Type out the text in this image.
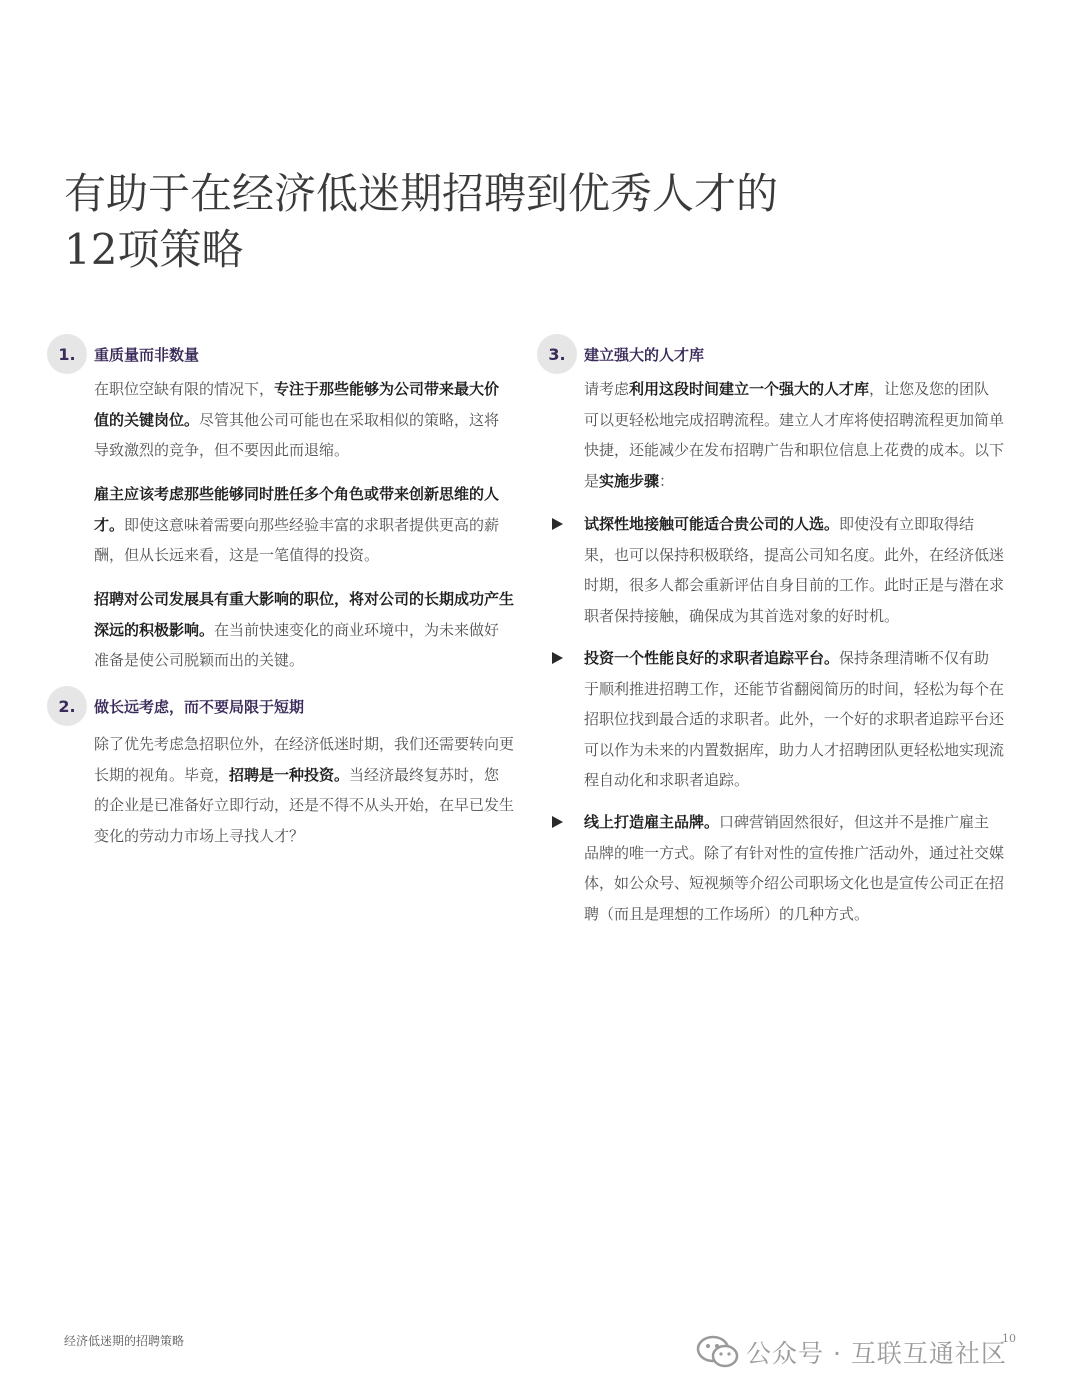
有助于在经济低迷期招聘到优秀人才的
12项策略
1.	重质量而非数量

在职位空缺有限的情况下，专注于那些能够为公司带来最大价值的关键岗位。尽管其他公司可能也在采取相似的策略，这将导致激烈的竞争，但不要因此而退缩。

雇主应该考虑那些能够同时胜任多个角色或带来创新思维的人才。即使这意味着需要向那些经验丰富的求职者提供更高的薪酬，但从长远来看，这是一笔值得的投资。

招聘对公司发展具有重大影响的职位，将对公司的长期成功产生深远的积极影响。在当前快速变化的商业环境中，为未来做好准备是使公司脱颖而出的关键。

2.	做长远考虑，而不要局限于短期

除了优先考虑急招职位外，在经济低迷时期，我们还需要转向更长期的视角。毕竟，招聘是一种投资。当经济最终复苏时，您的企业是已准备好立即行动，还是不得不从头开始，在早已发生变化的劳动力市场上寻找人才？

3.	建立强大的人才库

请考虑利用这段时间建立一个强大的人才库，让您及您的团队可以更轻松地完成招聘流程。建立人才库将使招聘流程更加简单快捷，还能减少在发布招聘广告和职位信息上花费的成本。以下是实施步骤：

试探性地接触可能适合贵公司的人选。即使没有立即取得结果，也可以保持积极联络，提高公司知名度。此外，在经济低迷时期，很多人都会重新评估自身目前的工作。此时正是与潜在求职者保持接触，确保成为其首选对象的好时机。

投资一个性能良好的求职者追踪平台。保持条理清晰不仅有助于顺利推进招聘工作，还能节省翻阅简历的时间，轻松为每个在招职位找到最合适的求职者。此外，一个好的求职者追踪平台还可以作为未来的内置数据库，助力人才招聘团队更轻松地实现流程自动化和求职者追踪。

线上打造雇主品牌。口碑营销固然很好，但这并不是推广雇主品牌的唯一方式。除了有针对性的宣传推广活动外，通过社交媒体，如公众号、短视频等介绍公司职场文化也是宣传公司正在招聘（而且是理想的工作场所）的几种方式。

经济低迷期的招聘策略	10
公众号 · 互联互通社区
